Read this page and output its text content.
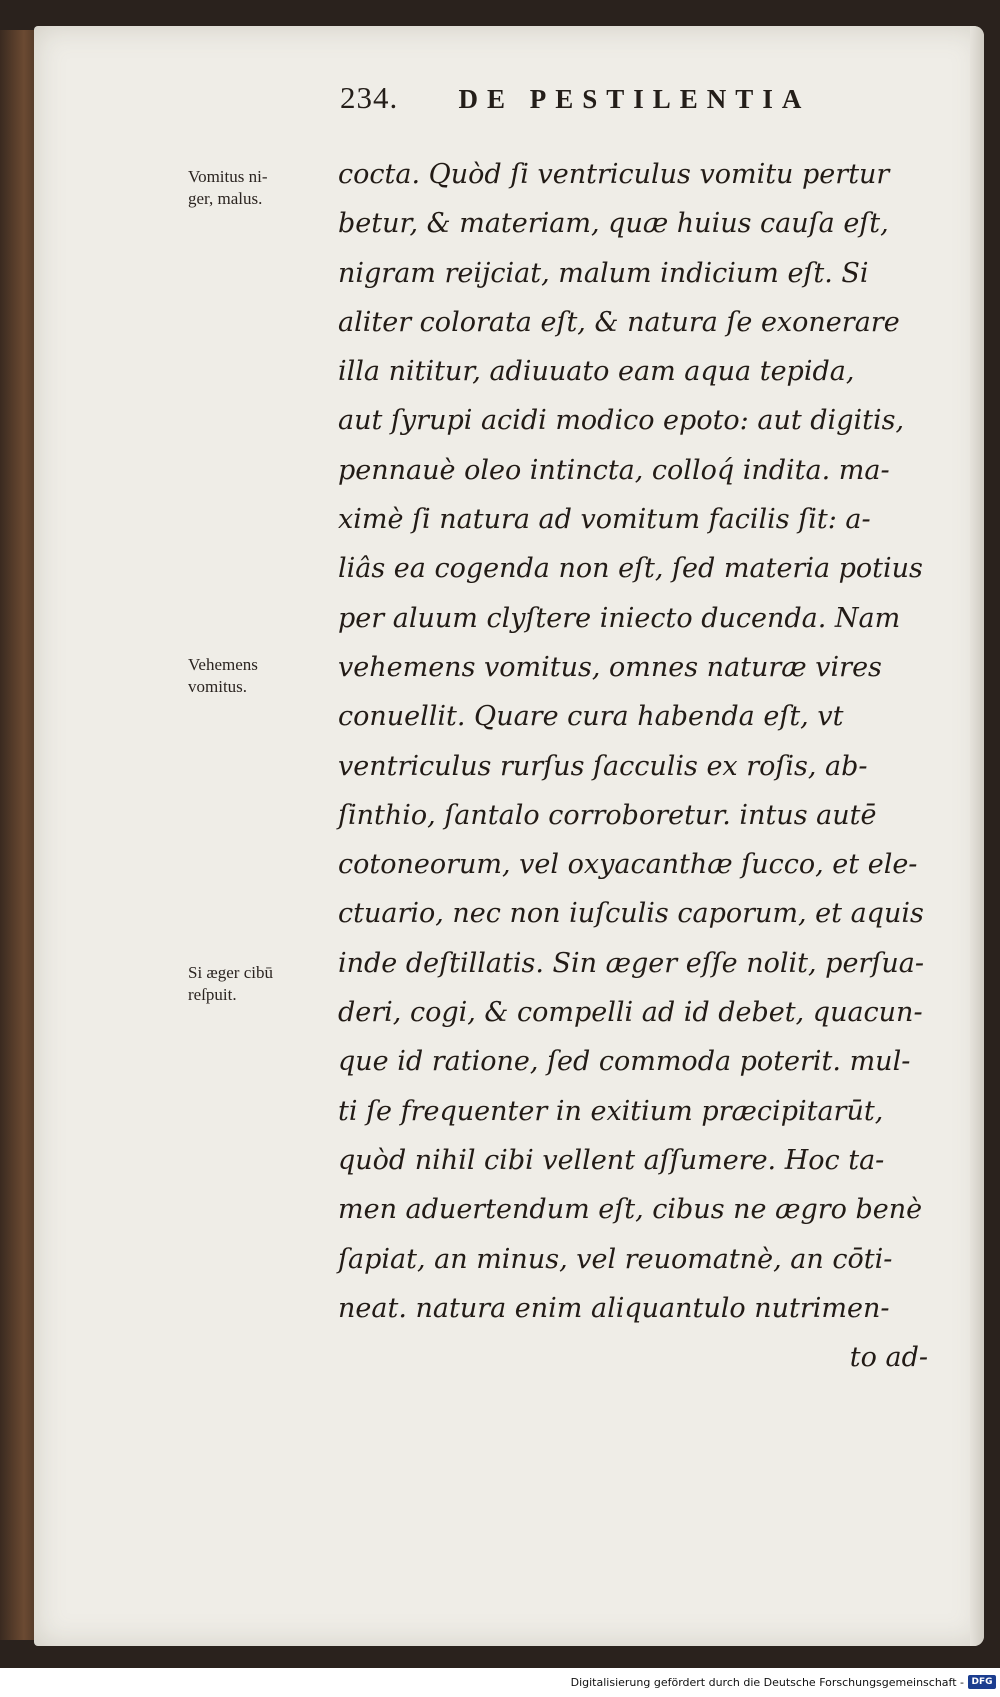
234. DE PESTILENTIA
cocta. Quòd ſi ventriculus vomitu pertur
betur, & materiam, quæ huius cauſa eſt,
nigram reijciat, malum indicium eſt. Si
aliter colorata eſt, & natura ſe exonerare
illa nititur, adiuuato eam aqua tepida,
aut ſyrupi acidi modico epoto: aut digitis,
pennauè oleo intincta, colloq́ indita. ma-
ximè ſi natura ad vomitum facilis ſit: a-
liâs ea cogenda non eſt, ſed materia potius
per aluum clyſtere iniecto ducenda. Nam
vehemens vomitus, omnes naturæ vires
conuellit. Quare cura habenda eſt, vt
ventriculus rurſus ſacculis ex roſis, ab-
ſinthio, ſantalo corroboretur. intus autē
cotoneorum, vel oxyacanthæ ſucco, et ele-
ctuario, nec non iuſculis caporum, et aquis
inde deſtillatis. Sin æger eſſe nolit, perſua-
deri, cogi, & compelli ad id debet, quacun-
que id ratione, ſed commoda poterit. mul-
ti ſe frequenter in exitium præcipitarūt,
quòd nihil cibi vellent aſſumere. Hoc ta-
men aduertendum eſt, cibus ne ægro benè
ſapiat, an minus, vel reuomatnè, an cōti-
neat. natura enim aliquantulo nutrimen-
to ad-
Vomitus ni-
ger, malus.
Vehemens
vomitus.
Si æger cibū
reſpuit.
Digitalisierung gefördert durch die Deutsche Forschungsgemeinschaft - DFG
